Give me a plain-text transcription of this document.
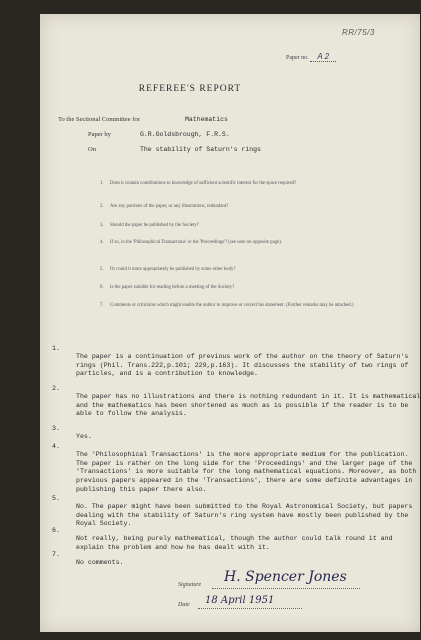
RR/75/3
Paper no. A 2
REFEREE'S REPORT
To the Sectional Committee for	Mathematics
Paper by	G.R.Goldsbrough, F.R.S.
On	The stability of Saturn's rings
1. Does it contain contributions to knowledge of sufficient scientific interest for the space required?
2. Are any portions of the paper, or any illustrations, redundant?
3. Should the paper be published by the Society?
4. If so, in the 'Philosophical Transactions' or the 'Proceedings'? (see note on opposite page).
5. Or could it more appropriately be published by some other body?
6. Is the paper suitable for reading before a meeting of the Society?
7. Comments or criticisms which might enable the author to improve or correct his statement. (Further remarks may be attached.)

1.

The paper is a continuation of previous work of the author on the theory of Saturn's rings (Phil. Trans.222,p.101; 229,p.163). It discusses the stability of two rings of particles, and is a contribution to knowledge.

2.

The paper has no illustrations and there is nothing redundant in it. It is mathematical and the mathematics has been shortened as much as is possible if the reader is to be able to follow the analysis.

3.

Yes.

4.

The 'Philosophical Transactions' is the more appropriate medium for the publication. The paper is rather on the long side for the 'Proceedings' and the larger page of the 'Transactions' is more suitable for the long mathematical equations. Moreover, as both previous papers appeared in the 'Transactions', there are some definite advantages in publishing this paper there also.

5.

No. The paper might have been submitted to the Royal Astronomical Society, but papers dealing with the stability of Saturn's ring system have mostly been published by the Royal Society.

6.

Not really, being purely mathematical, though the author could talk round it and explain the problem and how he has dealt with it.

7.

No comments.

Signature H. Spencer Jones
Date 18 April 1951
